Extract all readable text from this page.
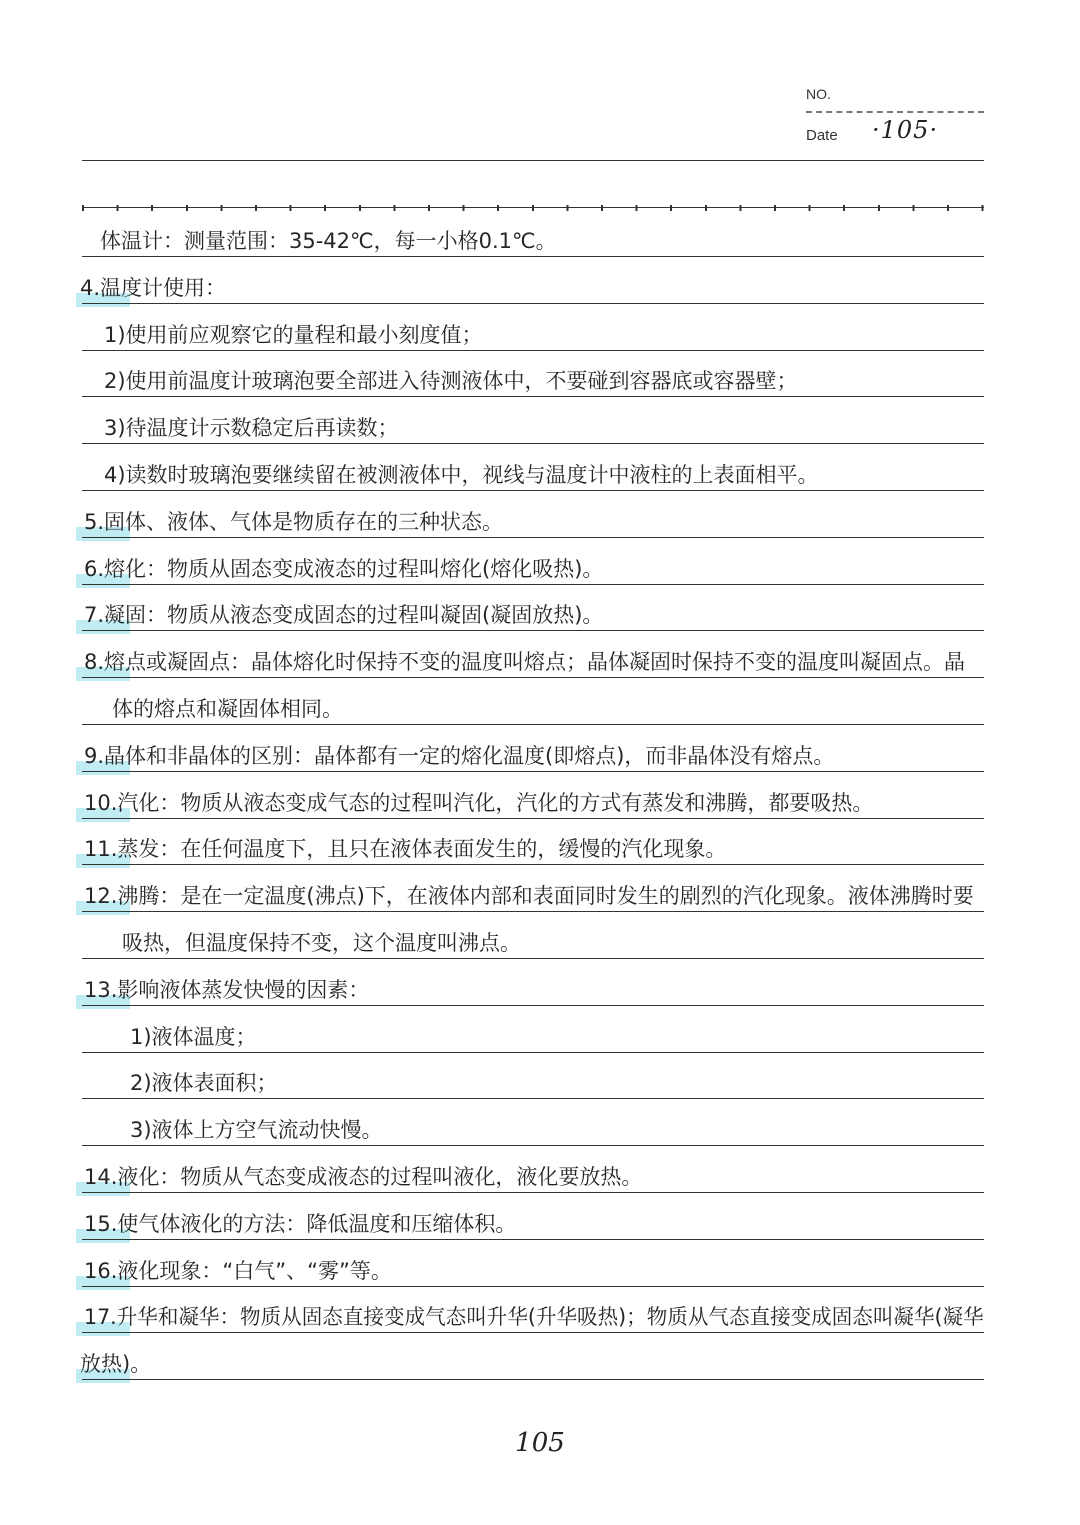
NO.
Date ·105·
体温计：测量范围：35-42℃，每一小格0.1℃。
4.温度计使用：
1)使用前应观察它的量程和最小刻度值；
2)使用前温度计玻璃泡要全部进入待测液体中，不要碰到容器底或容器壁；
3)待温度计示数稳定后再读数；
4)读数时玻璃泡要继续留在被测液体中，视线与温度计中液柱的上表面相平。
5.固体、液体、气体是物质存在的三种状态。
6.熔化：物质从固态变成液态的过程叫熔化(熔化吸热)。
7.凝固：物质从液态变成固态的过程叫凝固(凝固放热)。
8.熔点或凝固点：晶体熔化时保持不变的温度叫熔点；晶体凝固时保持不变的温度叫凝固点。晶
体的熔点和凝固体相同。
9.晶体和非晶体的区别：晶体都有一定的熔化温度(即熔点)，而非晶体没有熔点。
10.汽化：物质从液态变成气态的过程叫汽化，汽化的方式有蒸发和沸腾，都要吸热。
11.蒸发：在任何温度下，且只在液体表面发生的，缓慢的汽化现象。
12.沸腾：是在一定温度(沸点)下，在液体内部和表面同时发生的剧烈的汽化现象。液体沸腾时要
吸热，但温度保持不变，这个温度叫沸点。
13.影响液体蒸发快慢的因素：
1)液体温度；
2)液体表面积；
3)液体上方空气流动快慢。
14.液化：物质从气态变成液态的过程叫液化，液化要放热。
15.使气体液化的方法：降低温度和压缩体积。
16.液化现象：“白气”、“雾”等。
17.升华和凝华：物质从固态直接变成气态叫升华(升华吸热)；物质从气态直接变成固态叫凝华(凝华
放热)。
105
